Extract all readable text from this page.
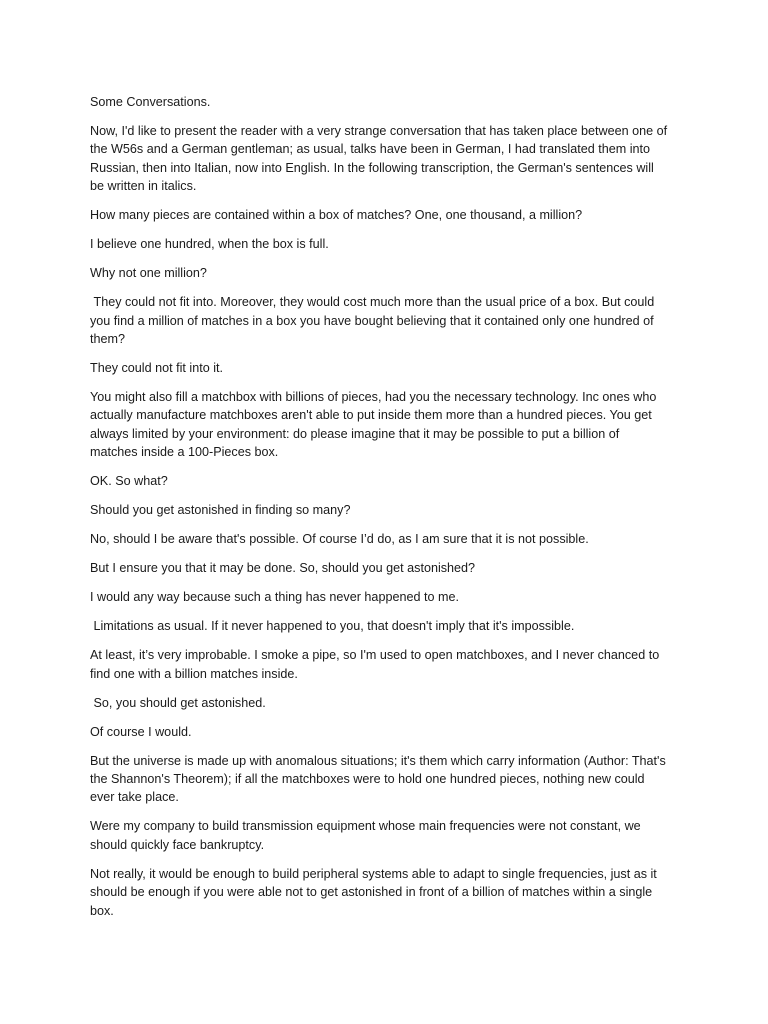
Some Conversations.

Now, I'd like to present the reader with a very strange conversation that has taken place between one of the W56s and a German gentleman; as usual, talks have been in German, I had translated them into Russian, then into Italian, now into English. In the following transcription, the German's sentences will be written in italics.

How many pieces are contained within a box of matches? One, one thousand, a million?

I believe one hundred, when the box is full.

Why not one million?

They could not fit into. Moreover, they would cost much more than the usual price of a box. But could you find a million of matches in a box you have bought believing that it contained only one hundred of them?

They could not fit into it.

You might also fill a matchbox with billions of pieces, had you the necessary technology. Inc ones who actually manufacture matchboxes aren't able to put inside them more than a hundred pieces. You get always limited by your environment: do please imagine that it may be possible to put a billion of matches inside a 100-Pieces box.

OK. So what?

Should you get astonished in finding so many?

No, should I be aware that's possible. Of course I’d do, as I am sure that it is not possible.

But I ensure you that it may be done. So, should you get astonished?

I would any way because such a thing has never happened to me.

Limitations as usual. If it never happened to you, that doesn't imply that it's impossible.

At least, it’s very improbable. I smoke a pipe, so I'm used to open matchboxes, and I never chanced to find one with a billion matches inside.

So, you should get astonished.

Of course I would.

But the universe is made up with anomalous situations; it's them which carry information (Author: That's the Shannon's Theorem); if all the matchboxes were to hold one hundred pieces, nothing new could ever take place.

Were my company to build transmission equipment whose main frequencies were not constant, we should quickly face bankruptcy.

Not really, it would be enough to build peripheral systems able to adapt to single frequencies, just as it should be enough if you were able not to get astonished in front of a billion of matches within a single box.
